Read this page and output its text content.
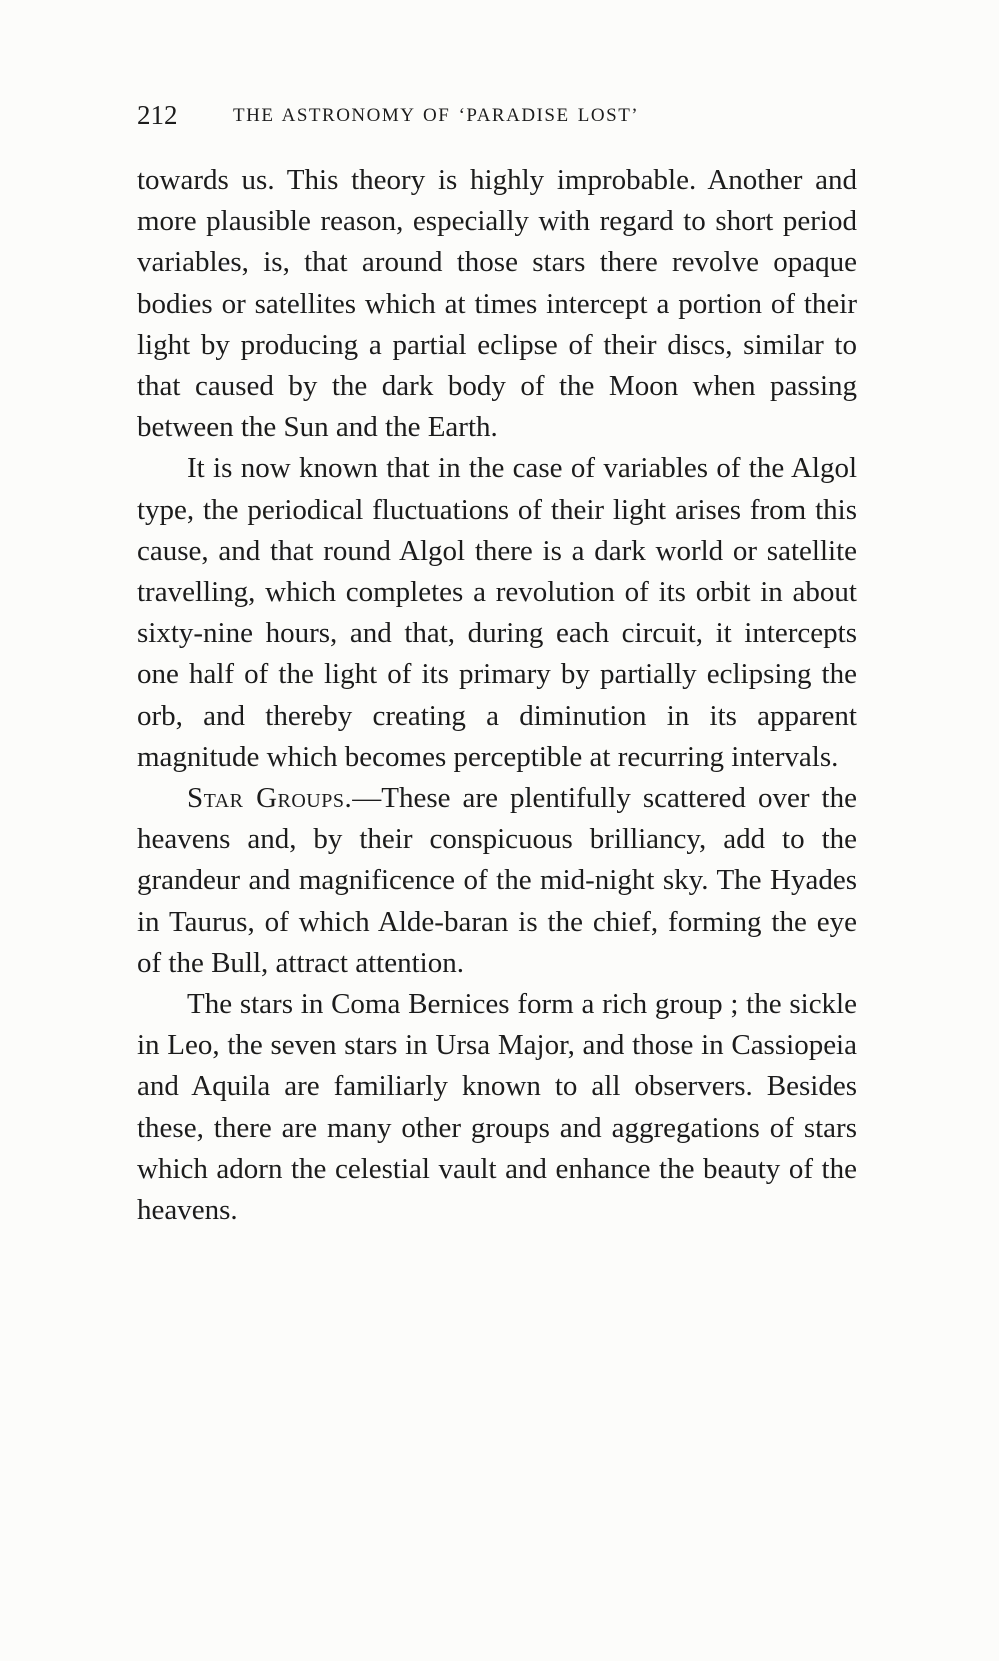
212	THE ASTRONOMY OF ‘PARADISE LOST’

towards us. This theory is highly improbable. Another and more plausible reason, especially with regard to short period variables, is, that around those stars there revolve opaque bodies or satellites which at times intercept a portion of their light by producing a partial eclipse of their discs, similar to that caused by the dark body of the Moon when passing between the Sun and the Earth.

It is now known that in the case of variables of the Algol type, the periodical fluctuations of their light arises from this cause, and that round Algol there is a dark world or satellite travelling, which completes a revolution of its orbit in about sixty-nine hours, and that, during each circuit, it intercepts one half of the light of its primary by partially eclipsing the orb, and thereby creating a diminution in its apparent magnitude which becomes perceptible at recurring intervals.

Star Groups.—These are plentifully scattered over the heavens and, by their conspicuous brilliancy, add to the grandeur and magnificence of the mid-night sky. The Hyades in Taurus, of which Alde-baran is the chief, forming the eye of the Bull, attract attention.

The stars in Coma Bernices form a rich group ; the sickle in Leo, the seven stars in Ursa Major, and those in Cassiopeia and Aquila are familiarly known to all observers. Besides these, there are many other groups and aggregations of stars which adorn the celestial vault and enhance the beauty of the heavens.
